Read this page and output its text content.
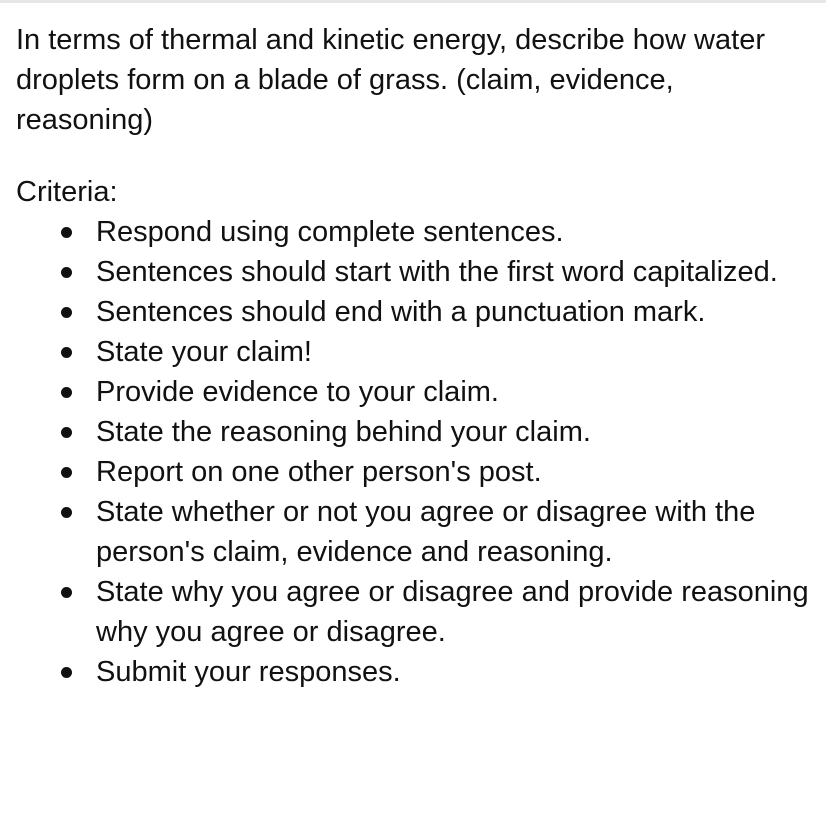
In terms of thermal and kinetic energy, describe how water droplets form on a blade of grass. (claim, evidence, reasoning)

Criteria:

Respond using complete sentences.
Sentences should start with the first word capitalized.
Sentences should end with a punctuation mark.
State your claim!
Provide evidence to your claim.
State the reasoning behind your claim.
Report on one other person's post.
State whether or not you agree or disagree with the person's claim, evidence and reasoning.
State why you agree or disagree and provide reasoning why you agree or disagree.
Submit your responses.
